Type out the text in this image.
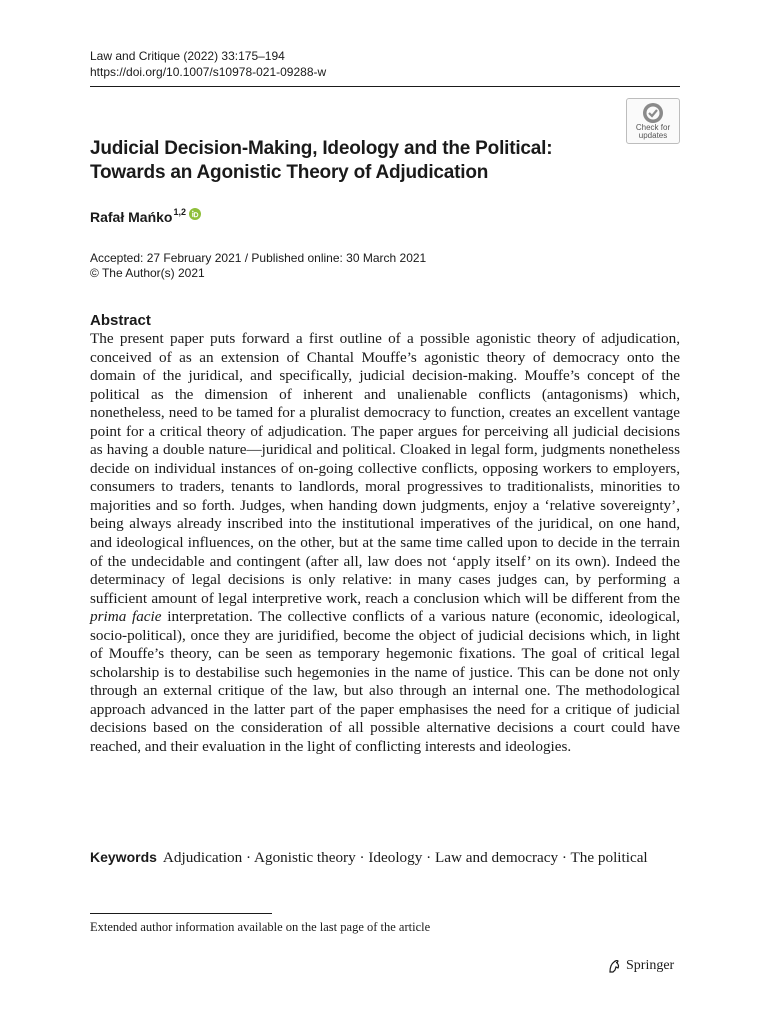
Law and Critique (2022) 33:175–194
https://doi.org/10.1007/s10978-021-09288-w
Check for
updates
Judicial Decision-Making, Ideology and the Political:
Towards an Agonistic Theory of Adjudication
Rafał Mańko$^{1,2}$
Accepted: 27 February 2021 / Published online: 30 March 2021
© The Author(s) 2021
Abstract
The present paper puts forward a first outline of a possible agonistic theory of adjudication, conceived of as an extension of Chantal Mouffe’s agonistic theory of democracy onto the domain of the juridical, and specifically, judicial decision-making. Mouffe’s concept of the political as the dimension of inherent and unalienable conflicts (antagonisms) which, nonetheless, need to be tamed for a pluralist democracy to function, creates an excellent vantage point for a critical theory of adjudication. The paper argues for perceiving all judicial decisions as having a double nature—juridical and political. Cloaked in legal form, judgments nonetheless decide on individual instances of on-going collective conflicts, opposing workers to employers, consumers to traders, tenants to landlords, moral progressives to traditionalists, minorities to majorities and so forth. Judges, when handing down judgments, enjoy a ‘relative sovereignty’, being always already inscribed into the institutional imperatives of the juridical, on one hand, and ideological influences, on the other, but at the same time called upon to decide in the terrain of the undecidable and contingent (after all, law does not ‘apply itself’ on its own). Indeed the determinacy of legal decisions is only relative: in many cases judges can, by performing a sufficient amount of legal interpretive work, reach a conclusion which will be different from the prima facie interpretation. The collective conflicts of a various nature (economic, ideological, socio-political), once they are juridified, become the object of judicial decisions which, in light of Mouffe’s theory, can be seen as temporary hegemonic fixations. The goal of critical legal scholarship is to destabilise such hegemonies in the name of justice. This can be done not only through an external critique of the law, but also through an internal one. The methodological approach advanced in the latter part of the paper emphasises the need for a critique of judicial decisions based on the consideration of all possible alternative decisions a court could have reached, and their evaluation in the light of conflicting interests and ideologies.
Keywords Adjudication · Agonistic theory · Ideology · Law and democracy · The political
Extended author information available on the last page of the article
Springer
